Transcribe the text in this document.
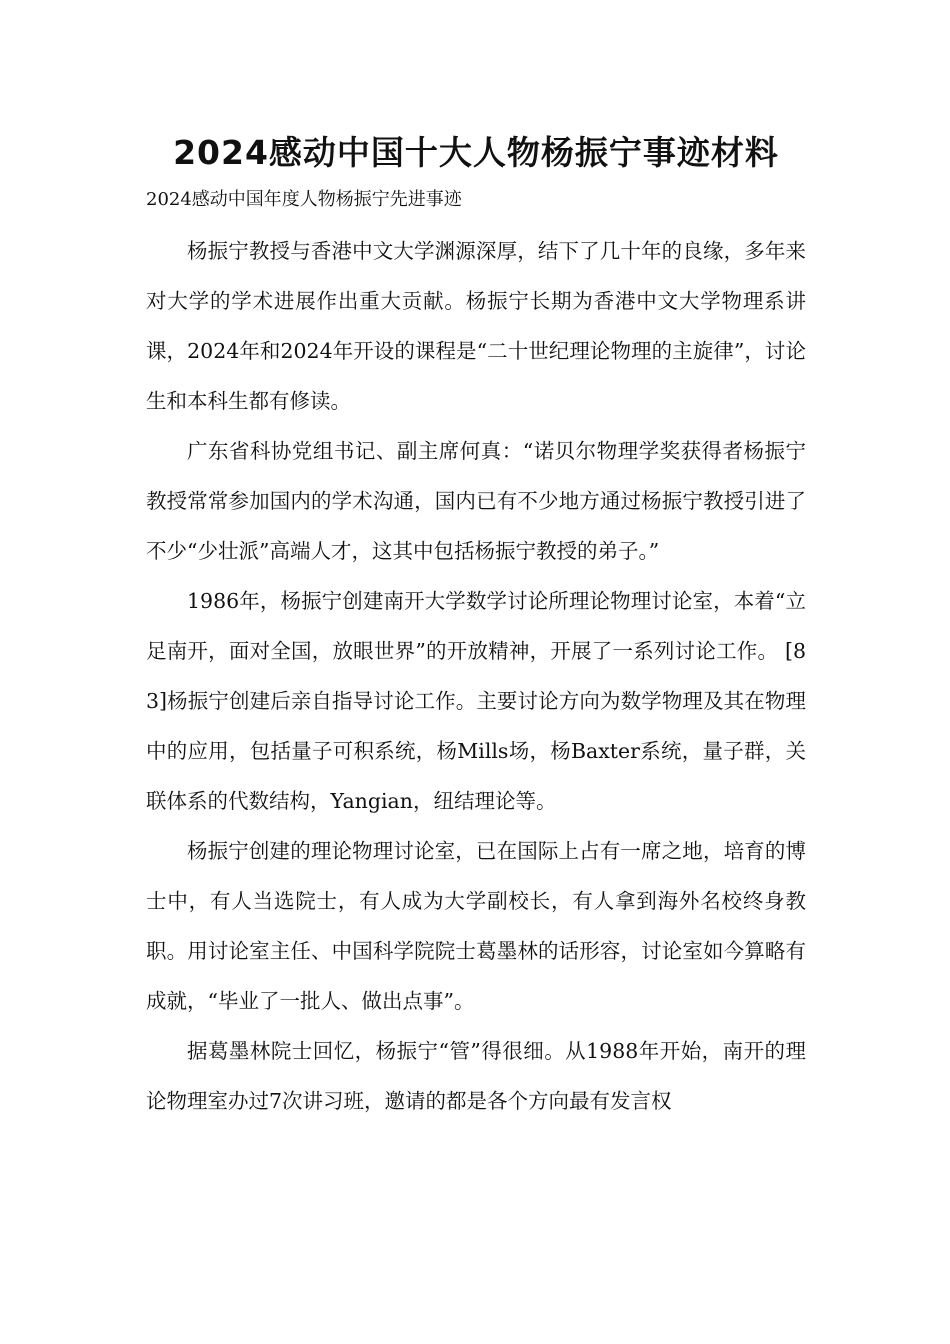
2024感动中国十大人物杨振宁事迹材料
2024感动中国年度人物杨振宁先进事迹

杨振宁教授与香港中文大学渊源深厚，结下了几十年的良缘，多年来对大学的学术进展作出重大贡献。杨振宁长期为香港中文大学物理系讲课，2024年和2024年开设的课程是“二十世纪理论物理的主旋律”，讨论生和本科生都有修读。

广东省科协党组书记、副主席何真：“诺贝尔物理学奖获得者杨振宁教授常常参加国内的学术沟通，国内已有不少地方通过杨振宁教授引进了不少“少壮派”高端人才，这其中包括杨振宁教授的弟子。”

1986年，杨振宁创建南开大学数学讨论所理论物理讨论室，本着“立足南开，面对全国，放眼世界”的开放精神，开展了一系列讨论工作。 [83]杨振宁创建后亲自指导讨论工作。主要讨论方向为数学物理及其在物理中的应用，包括量子可积系统，杨Mills场，杨Baxter系统，量子群，关联体系的代数结构，Yangian，纽结理论等。

杨振宁创建的理论物理讨论室，已在国际上占有一席之地，培育的博士中，有人当选院士，有人成为大学副校长，有人拿到海外名校终身教职。用讨论室主任、中国科学院院士葛墨林的话形容，讨论室如今算略有成就，“毕业了一批人、做出点事”。

据葛墨林院士回忆，杨振宁“管”得很细。从1988年开始，南开的理论物理室办过7次讲习班，邀请的都是各个方向最有发言权
